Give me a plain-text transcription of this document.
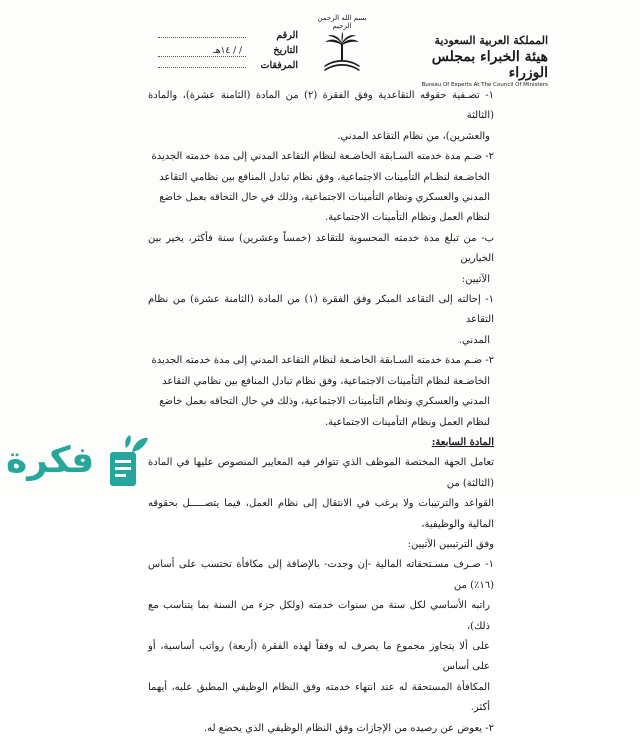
المملكة العربية السعودية
هيئة الخبراء بمجلس الوزراء
Bureau Of Experts At The Council Of Ministers
بسم الله الرحمن الرحيم
الرقم
التاريخ
/ / ١٤هـ
المرفقات

١- تصـفية حقوقه التقاعدية وفق الفقرة (٢) من المادة (الثامنة عشرة)، والمادة (الثالثة

والعشرين)، من نظام التقاعد المدني.

٢- ضـم مدة خدمته السـابقة الخاضـعة لنظام التقاعد المدني إلى مدة خدمته الجديدة

الخاضـعة لنظـام التأمينات الاجتماعية، وفق نظام تبادل المنافع بين نظامي التقاعد

المدني والعسكري ونظام التأمينات الاجتماعية، وذلك في حال التحاقه بعمل خاضع

لنظام العمل ونظام التأمينات الاجتماعية.

ب- من تبلغ مدة خدمته المحسوبة للتقاعد (خمساً وعشرين) سنة فأكثر، يخير بين الخيارين

الآتيين:

١- إحالته إلى التقاعد المبكر وفق الفقرة (١) من المادة (الثامنة عشرة) من نظام التقاعد

المدني.

٢- ضـم مدة خدمته السـابقة الخاضـعة لنظام التقاعد المدني إلى مدة خدمته الجديدة

الخاضـعة لنظام التأمينات الاجتماعية، وفق نظام تبادل المنافع بين نظامي التقاعد

المدني والعسكري ونظام التأمينات الاجتماعية، وذلك في حال التحاقه بعمل خاضع

لنظام العمل ونظام التأمينات الاجتماعية.

المادة السابعة:

تعامل الجهة المختصة الموظف الذي تتوافر فيه المعايير المنصوص عليها في المادة (الثالثة) من

القواعد والترتيبات ولا يرغب في الانتقال إلى نظام العمل، فيما يتصـــــل بحقوقه المالية والوظيفية،

وفق الترتيبين الآتيين:

١- صـرف مسـتحقاته المالية -إن وجدت- بالإضافة إلى مكافأة تحتسب على أساس (١٦٪) من

راتبه الأساسي لكل سنة من سنوات خدمته (ولكل جزء من السنة بما يتناسب مع ذلك)،

على ألا يتجاوز مجموع ما يصرف له وفقاً لهذه الفقرة (أربعة) رواتب أساسية، أو على أساس

المكافأة المستحقة له عند انتهاء خدمته وفق النظام الوظيفي المطبق عليه، أيهما أكثر.

٢- يعوض عن رصيده من الإجازات وفق النظام الوظيفي الذي يخضع له.

فكرة
